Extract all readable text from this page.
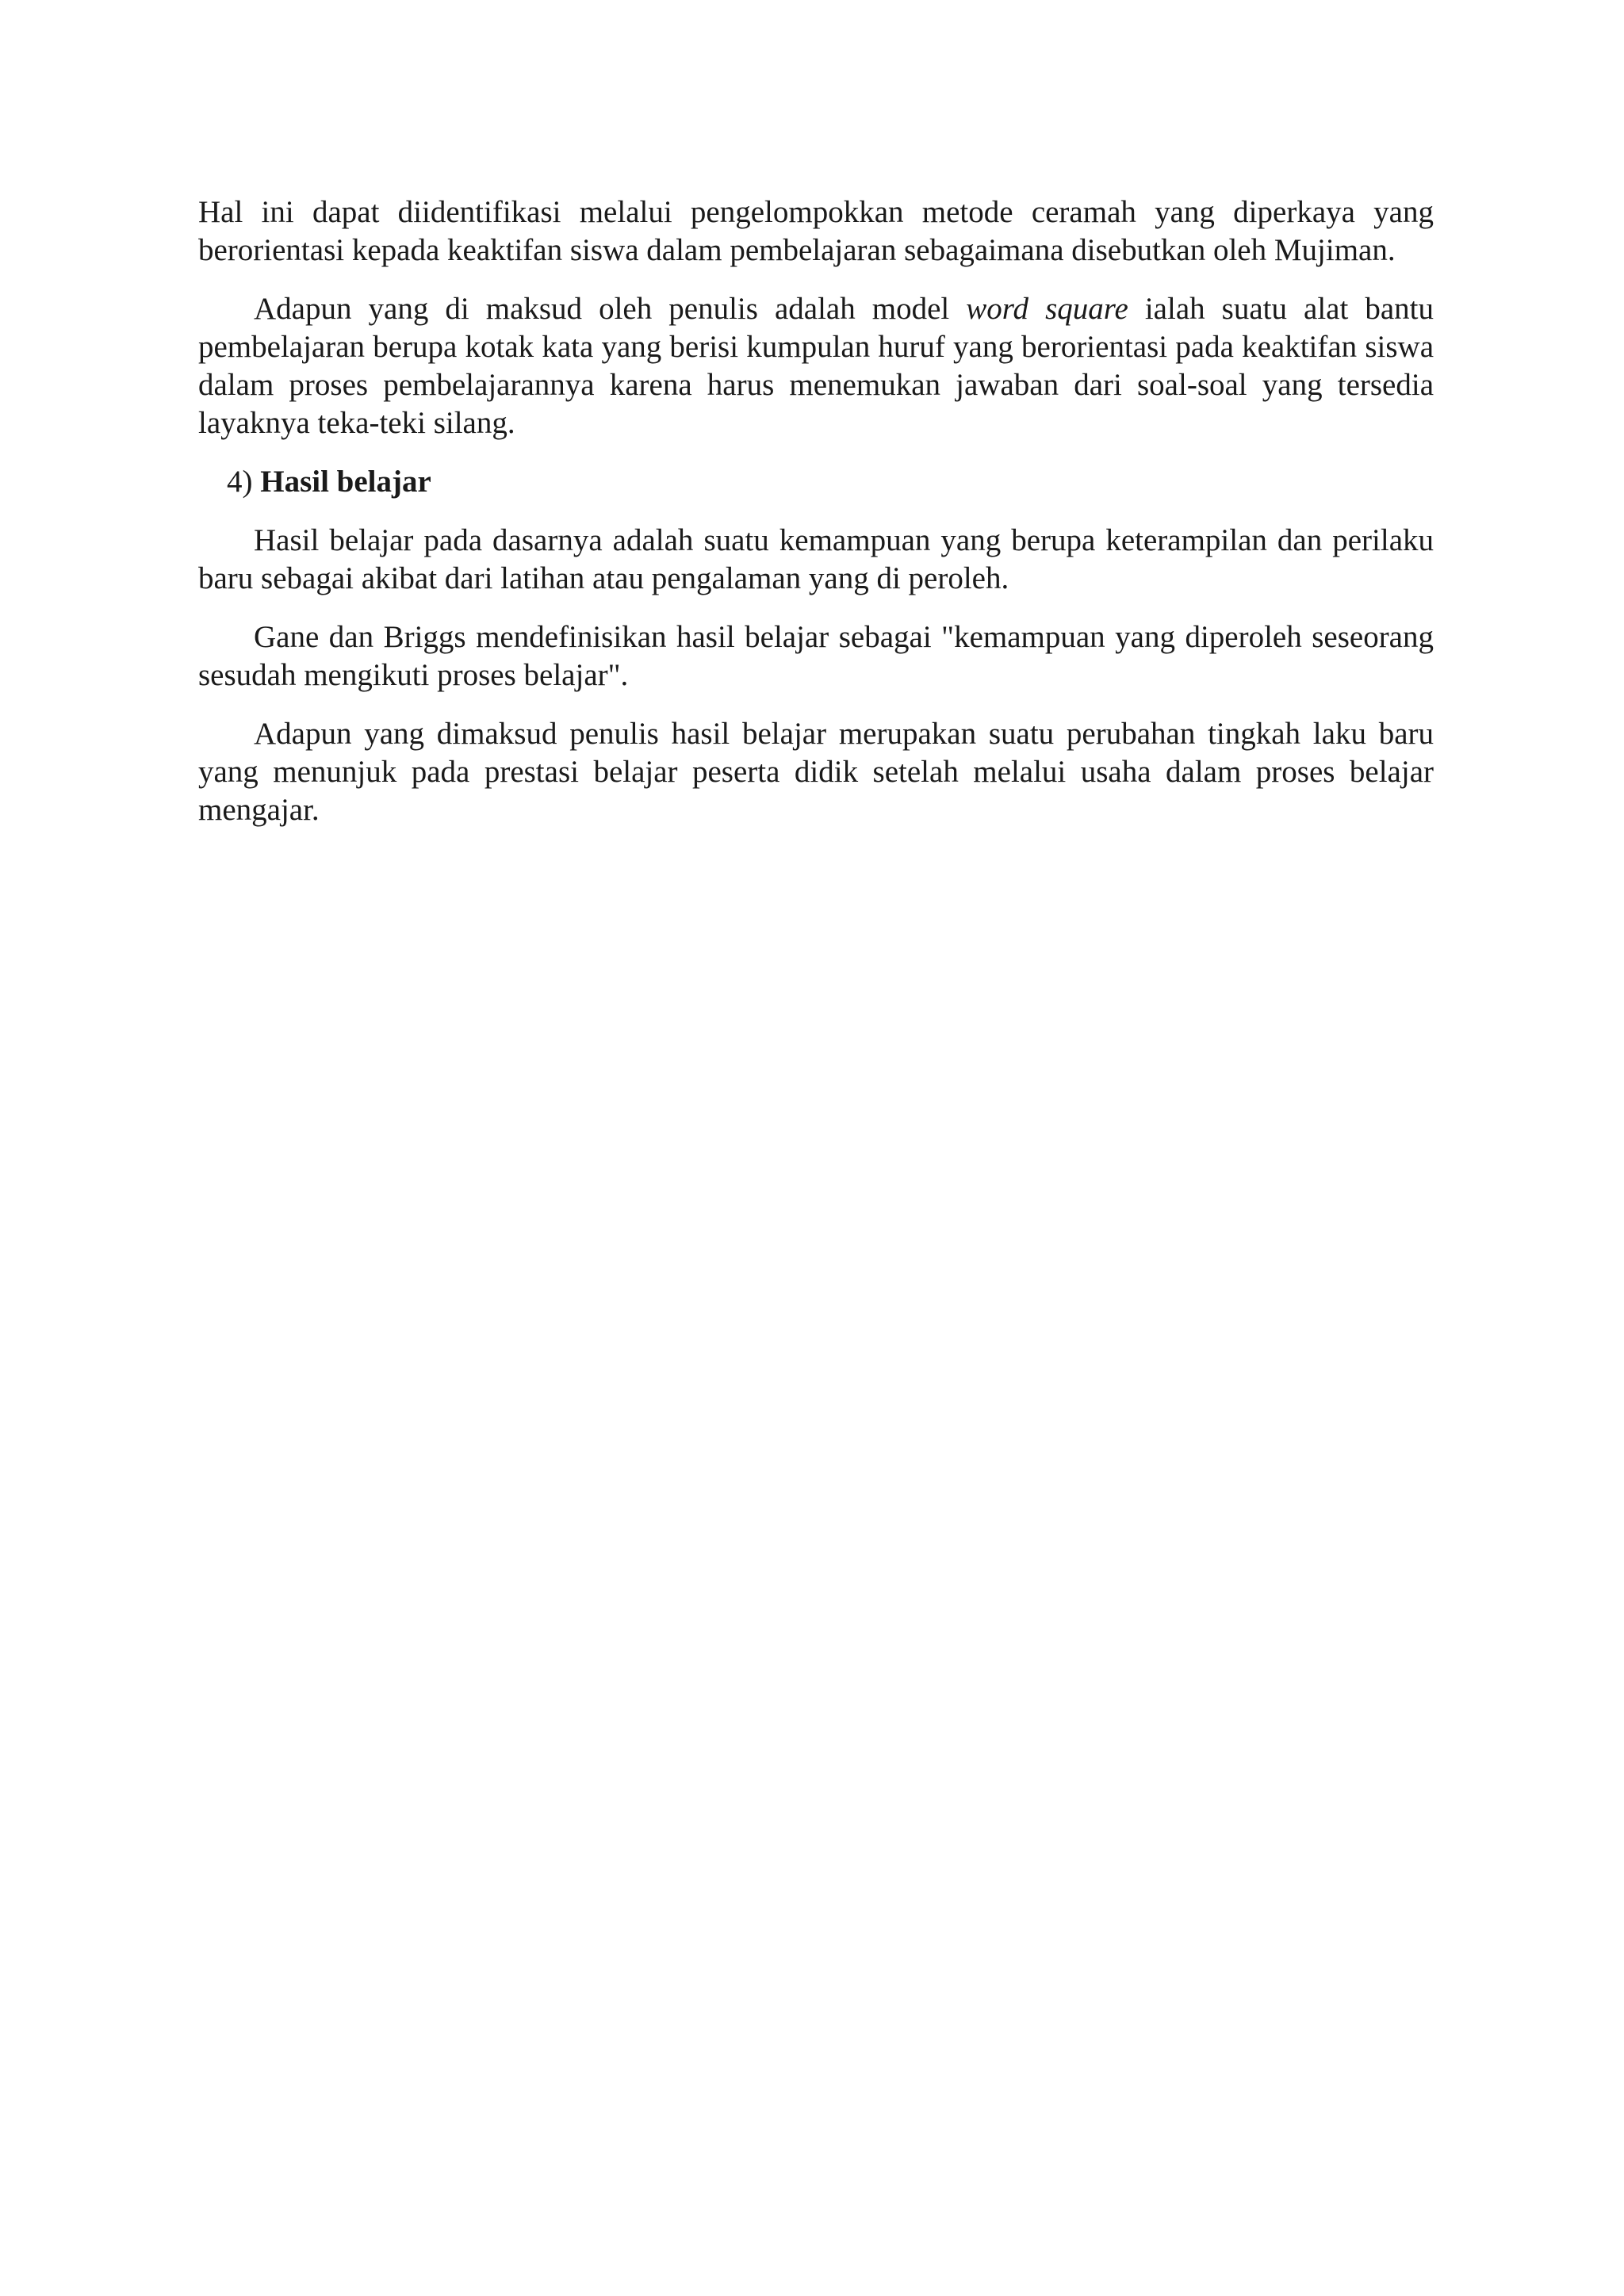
Hal ini dapat diidentifikasi melalui pengelompokkan metode ceramah yang diperkaya yang berorientasi kepada keaktifan siswa dalam pembelajaran sebagaimana disebutkan oleh Mujiman.

Adapun yang di maksud oleh penulis adalah model word square ialah suatu alat bantu pembelajaran berupa kotak kata yang berisi kumpulan huruf yang berorientasi pada keaktifan siswa dalam proses pembelajarannya karena harus menemukan jawaban dari soal-soal yang tersedia layaknya teka-teki silang.

4) Hasil belajar

Hasil belajar pada dasarnya adalah suatu kemampuan yang berupa keterampilan dan perilaku baru sebagai akibat dari latihan atau pengalaman yang di peroleh.

Gane dan Briggs mendefinisikan hasil belajar sebagai "kemampuan yang diperoleh seseorang sesudah mengikuti proses belajar".

Adapun yang dimaksud penulis hasil belajar merupakan suatu perubahan tingkah laku baru yang menunjuk pada prestasi belajar peserta didik setelah melalui usaha dalam proses belajar mengajar.
